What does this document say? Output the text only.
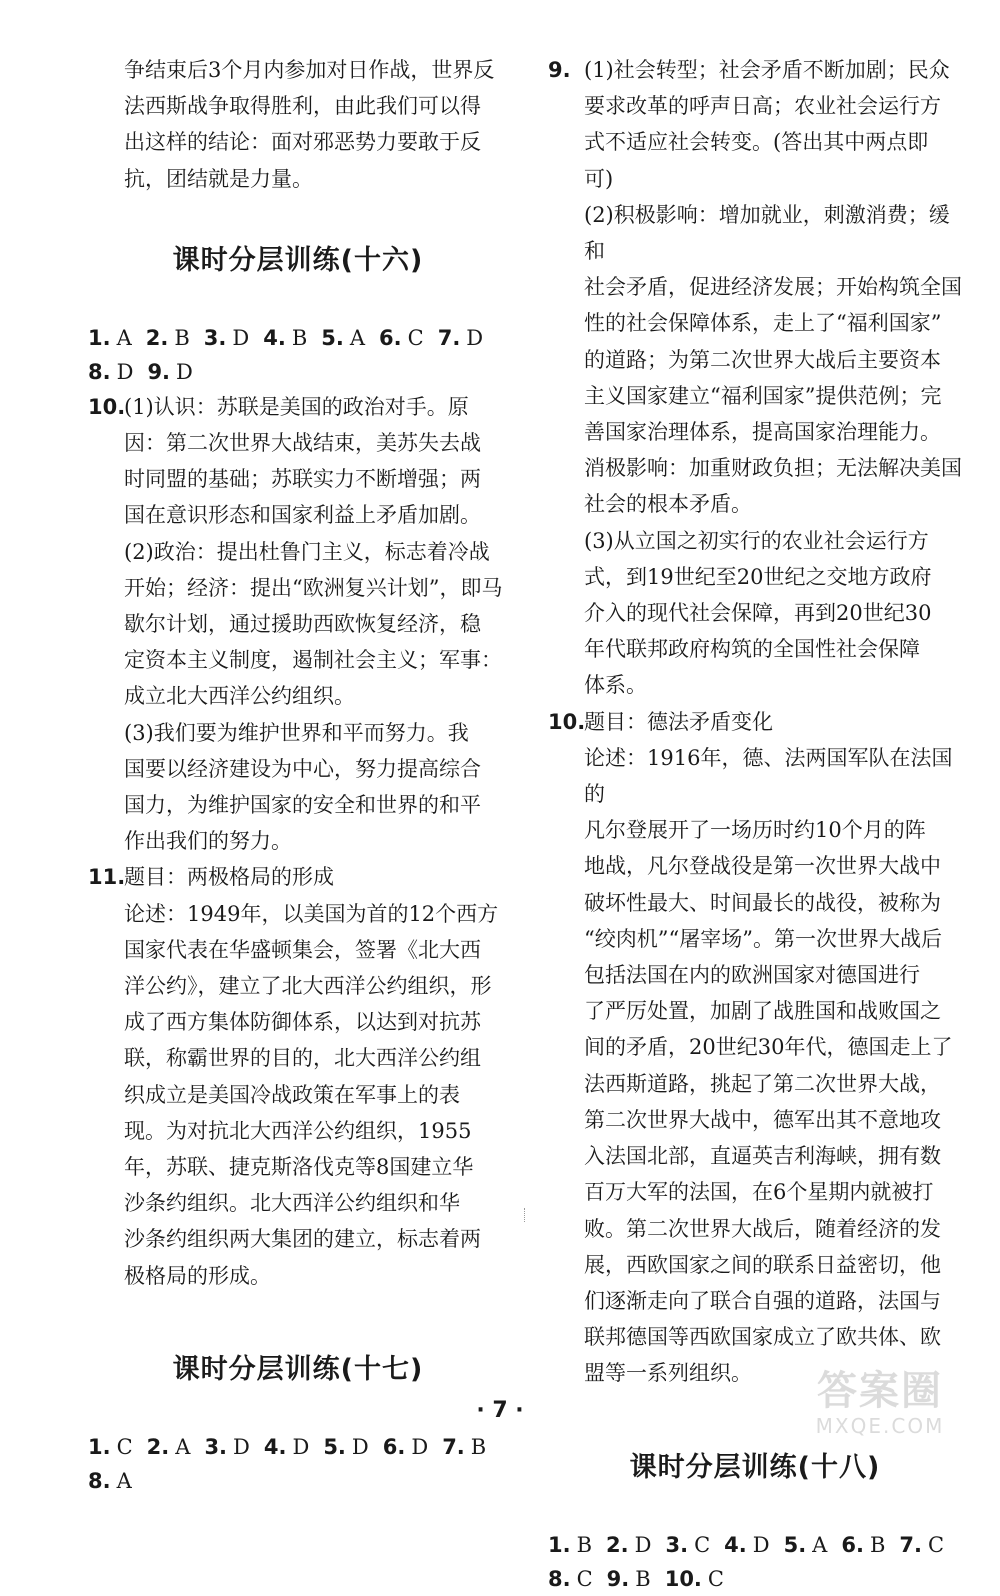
争结束后3个月内参加对日作战，世界反

法西斯战争取得胜利，由此我们可以得

出这样的结论：面对邪恶势力要敢于反

抗，团结就是力量。

课时分层训练(十六)
1. A 2. B 3. D 4. B 5. A 6. C 7. D
8. D 9. D
10.

(1)认识：苏联是美国的政治对手。原

因：第二次世界大战结束，美苏失去战

时同盟的基础；苏联实力不断增强；两

国在意识形态和国家利益上矛盾加剧。

(2)政治：提出杜鲁门主义，标志着冷战

开始；经济：提出“欧洲复兴计划”，即马

歇尔计划，通过援助西欧恢复经济，稳

定资本主义制度，遏制社会主义；军事：

成立北大西洋公约组织。

(3)我们要为维护世界和平而努力。我

国要以经济建设为中心，努力提高综合

国力，为维护国家的安全和世界的和平

作出我们的努力。

11.

题目：两极格局的形成

论述：1949年，以美国为首的12个西方

国家代表在华盛顿集会，签署《北大西

洋公约》，建立了北大西洋公约组织，形

成了西方集体防御体系，以达到对抗苏

联，称霸世界的目的，北大西洋公约组

织成立是美国冷战政策在军事上的表

现。为对抗北大西洋公约组织，1955

年，苏联、捷克斯洛伐克等8国建立华

沙条约组织。北大西洋公约组织和华

沙条约组织两大集团的建立，标志着两

极格局的形成。

课时分层训练(十七)
1. C 2. A 3. D 4. D 5. D 6. D 7. B
8. A
9. (1)社会转型；社会矛盾不断加剧；民众

要求改革的呼声日高；农业社会运行方

式不适应社会转变。(答出其中两点即

可)

(2)积极影响：增加就业，刺激消费；缓和

社会矛盾，促进经济发展；开始构筑全国

性的社会保障体系，走上了“福利国家”

的道路；为第二次世界大战后主要资本

主义国家建立“福利国家”提供范例；完

善国家治理体系，提高国家治理能力。

消极影响：加重财政负担；无法解决美国

社会的根本矛盾。

(3)从立国之初实行的农业社会运行方

式，到19世纪至20世纪之交地方政府

介入的现代社会保障，再到20世纪30

年代联邦政府构筑的全国性社会保障

体系。

10.

题目：德法矛盾变化

论述：1916年，德、法两国军队在法国的

凡尔登展开了一场历时约10个月的阵

地战，凡尔登战役是第一次世界大战中

破坏性最大、时间最长的战役，被称为

“绞肉机”“屠宰场”。第一次世界大战后

包括法国在内的欧洲国家对德国进行

了严厉处置，加剧了战胜国和战败国之

间的矛盾，20世纪30年代，德国走上了

法西斯道路，挑起了第二次世界大战，

第二次世界大战中，德军出其不意地攻

入法国北部，直逼英吉利海峡，拥有数

百万大军的法国，在6个星期内就被打

败。第二次世界大战后，随着经济的发

展，西欧国家之间的联系日益密切，他

们逐渐走向了联合自强的道路，法国与

联邦德国等西欧国家成立了欧共体、欧

盟等一系列组织。

课时分层训练(十八)
1. B 2. D 3. C 4. D 5. A 6. B 7. C
8. C 9. B 10. C
· 7 ·	答案圈
MXQE.COM
